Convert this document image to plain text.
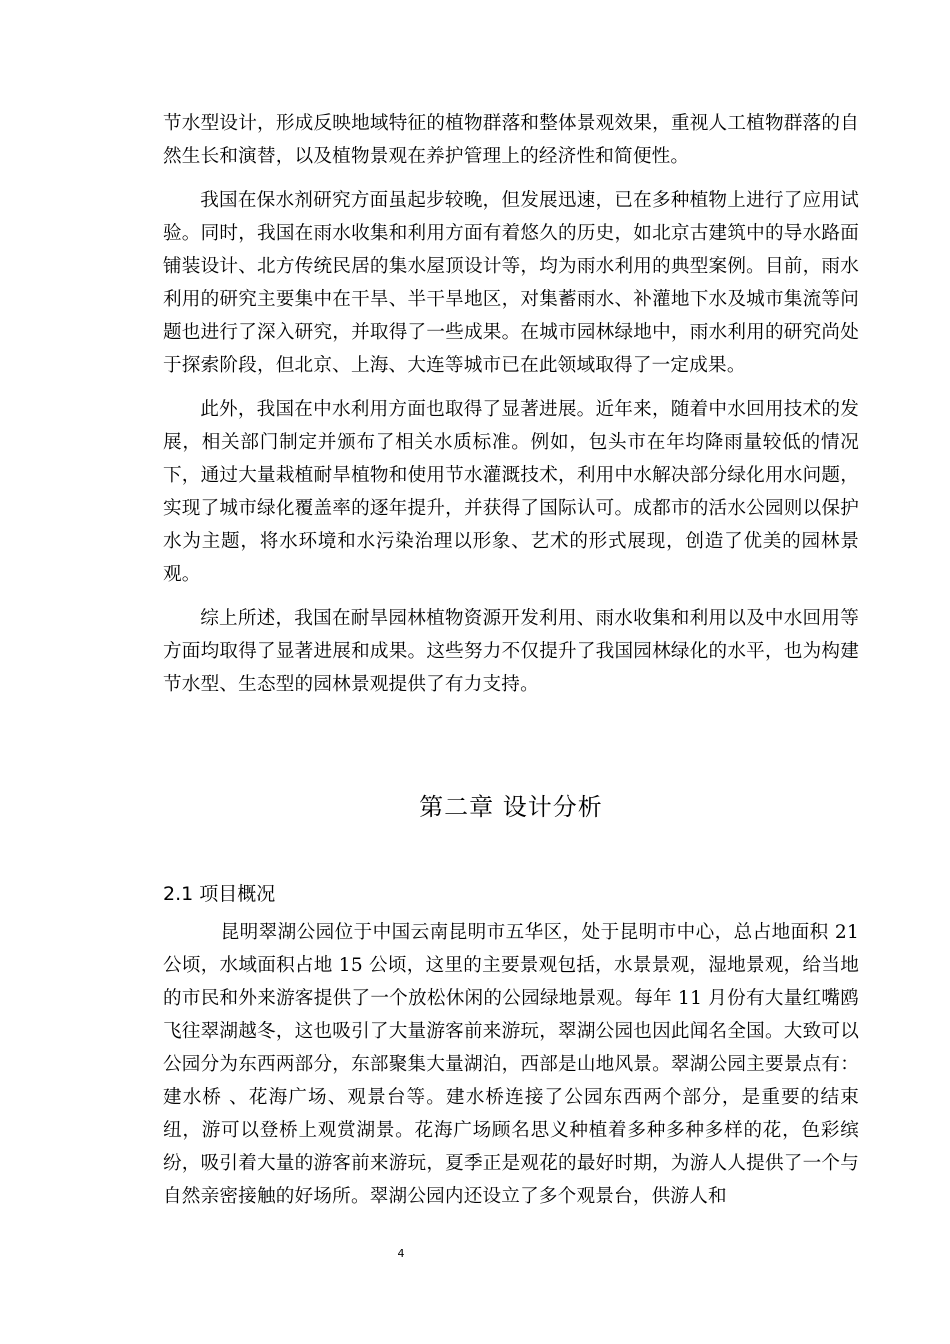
节水型设计，形成反映地域特征的植物群落和整体景观效果，重视人工植物群落的自然生长和演替，以及植物景观在养护管理上的经济性和简便性。

我国在保水剂研究方面虽起步较晚，但发展迅速，已在多种植物上进行了应用试验。同时，我国在雨水收集和利用方面有着悠久的历史，如北京古建筑中的导水路面铺装设计、北方传统民居的集水屋顶设计等，均为雨水利用的典型案例。目前，雨水利用的研究主要集中在干旱、半干旱地区，对集蓄雨水、补灌地下水及城市集流等问题也进行了深入研究，并取得了一些成果。在城市园林绿地中，雨水利用的研究尚处于探索阶段，但北京、上海、大连等城市已在此领域取得了一定成果。

此外，我国在中水利用方面也取得了显著进展。近年来，随着中水回用技术的发展，相关部门制定并颁布了相关水质标准。例如，包头市在年均降雨量较低的情况下，通过大量栽植耐旱植物和使用节水灌溉技术，利用中水解决部分绿化用水问题，实现了城市绿化覆盖率的逐年提升，并获得了国际认可。成都市的活水公园则以保护水为主题，将水环境和水污染治理以形象、艺术的形式展现，创造了优美的园林景观。

综上所述，我国在耐旱园林植物资源开发利用、雨水收集和利用以及中水回用等方面均取得了显著进展和成果。这些努力不仅提升了我国园林绿化的水平，也为构建节水型、生态型的园林景观提供了有力支持。

第二章 设计分析
2.1 项目概况

昆明翠湖公园位于中国云南昆明市五华区，处于昆明市中心，总占地面积 21 公顷，水域面积占地 15 公顷，这里的主要景观包括，水景景观，湿地景观，给当地的市民和外来游客提供了一个放松休闲的公园绿地景观。每年 11 月份有大量红嘴鸥飞往翠湖越冬，这也吸引了大量游客前来游玩，翠湖公园也因此闻名全国。大致可以公园分为东西两部分，东部聚集大量湖泊，西部是山地风景。翠湖公园主要景点有：建水桥 、花海广场、观景台等。建水桥连接了公园东西两个部分，是重要的结束纽，游可以登桥上观赏湖景。花海广场顾名思义种植着多种多种多样的花，色彩缤纷，吸引着大量的游客前来游玩，夏季正是观花的最好时期，为游人人提供了一个与自然亲密接触的好场所。翠湖公园内还设立了多个观景台，供游人和

4
